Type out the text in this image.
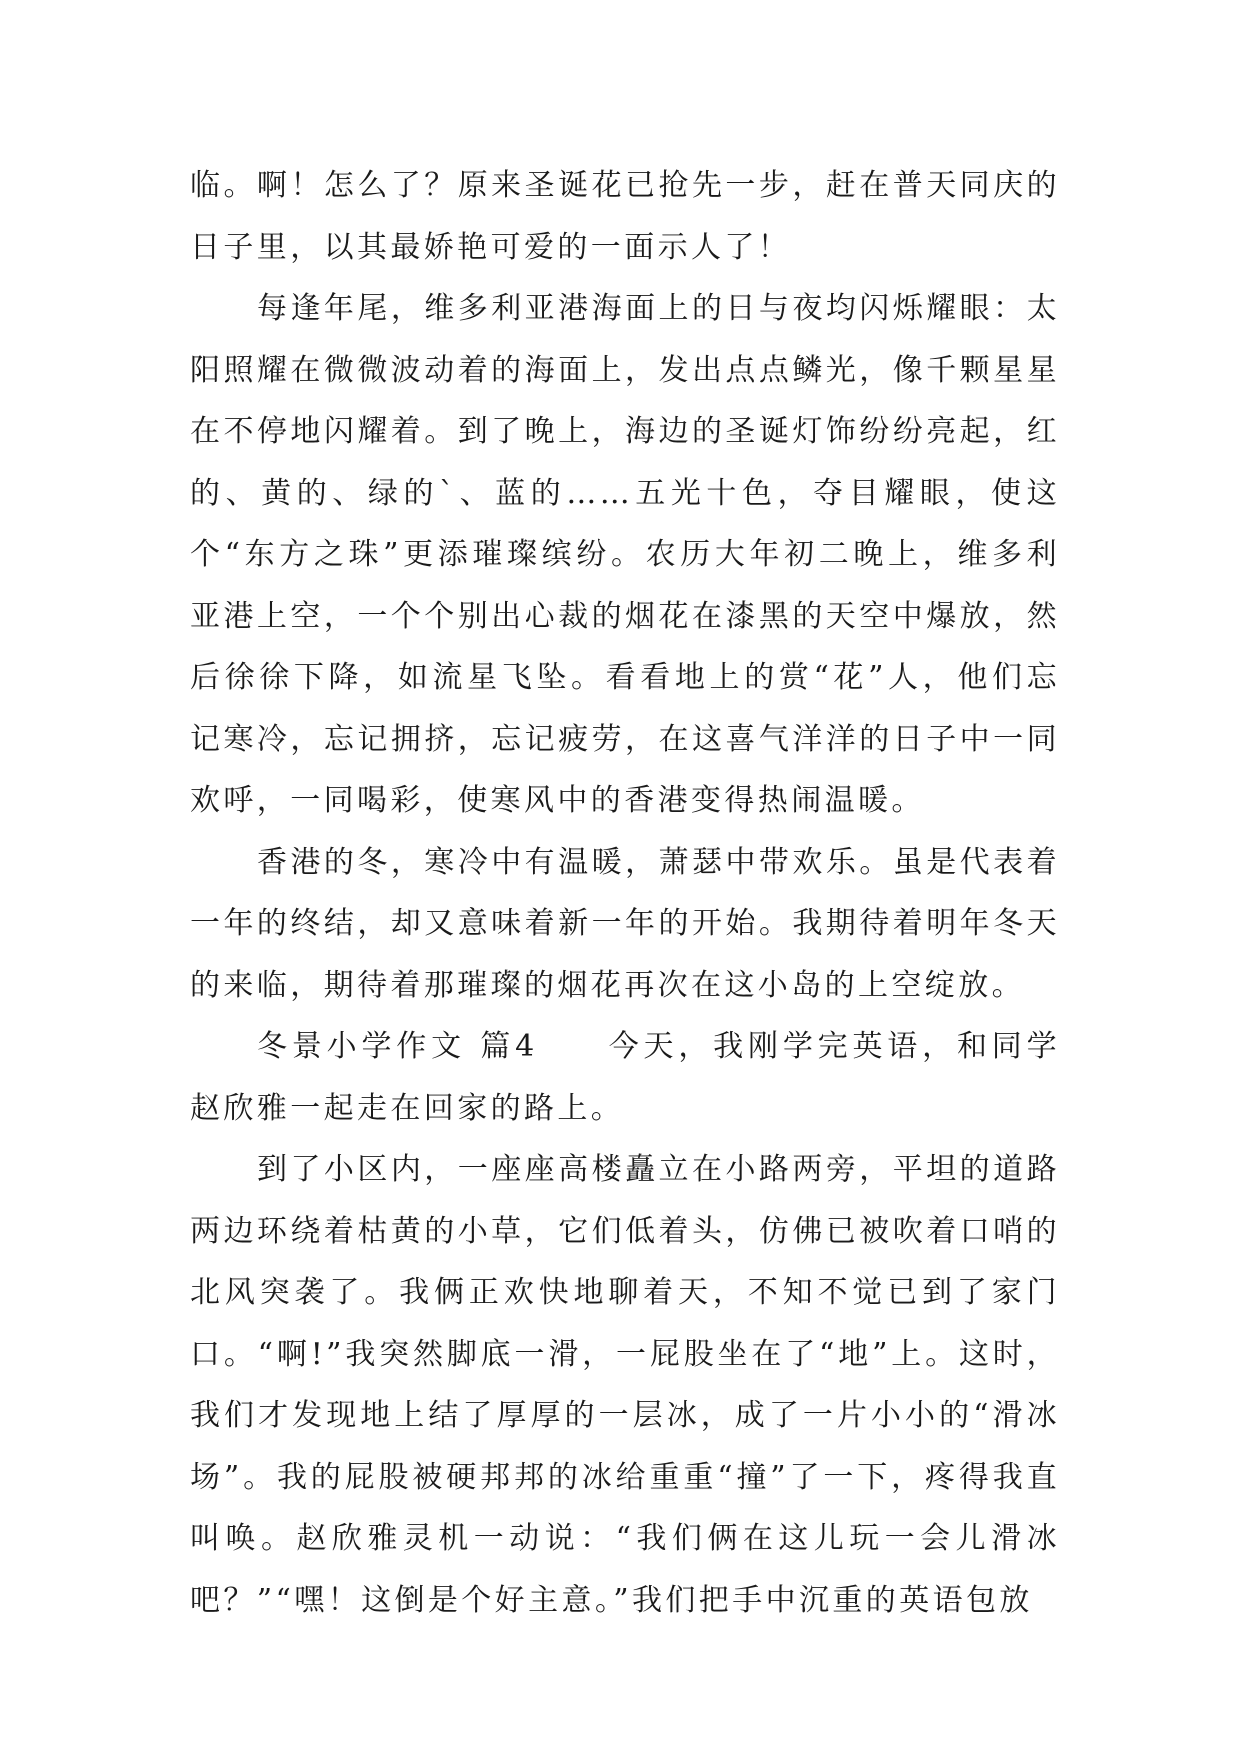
临。啊！怎么了？原来圣诞花已抢先一步，赶在普天同庆的日子里，以其最娇艳可爱的一面示人了！

每逢年尾，维多利亚港海面上的日与夜均闪烁耀眼：太阳照耀在微微波动着的海面上，发出点点鳞光，像千颗星星在不停地闪耀着。到了晚上，海边的圣诞灯饰纷纷亮起，红的、黄的、绿的`、蓝的……五光十色，夺目耀眼，使这个“东方之珠”更添璀璨缤纷。农历大年初二晚上，维多利亚港上空，一个个别出心裁的烟花在漆黑的天空中爆放，然后徐徐下降，如流星飞坠。看看地上的赏“花”人，他们忘记寒冷，忘记拥挤，忘记疲劳，在这喜气洋洋的日子中一同欢呼，一同喝彩，使寒风中的香港变得热闹温暖。

香港的冬，寒冷中有温暖，萧瑟中带欢乐。虽是代表着一年的终结，却又意味着新一年的开始。我期待着明年冬天的来临，期待着那璀璨的烟花再次在这小岛的上空绽放。

冬景小学作文 篇4　　今天，我刚学完英语，和同学赵欣雅一起走在回家的路上。

到了小区内，一座座高楼矗立在小路两旁，平坦的道路两边环绕着枯黄的小草，它们低着头，仿佛已被吹着口哨的北风突袭了。我俩正欢快地聊着天，不知不觉已到了家门口。“啊!”我突然脚底一滑，一屁股坐在了“地”上。这时，我们才发现地上结了厚厚的一层冰，成了一片小小的“滑冰场”。我的屁股被硬邦邦的冰给重重“撞”了一下，疼得我直叫唤。赵欣雅灵机一动说：“我们俩在这儿玩一会儿滑冰吧？”“嘿！这倒是个好主意。”我们把手中沉重的英语包放
